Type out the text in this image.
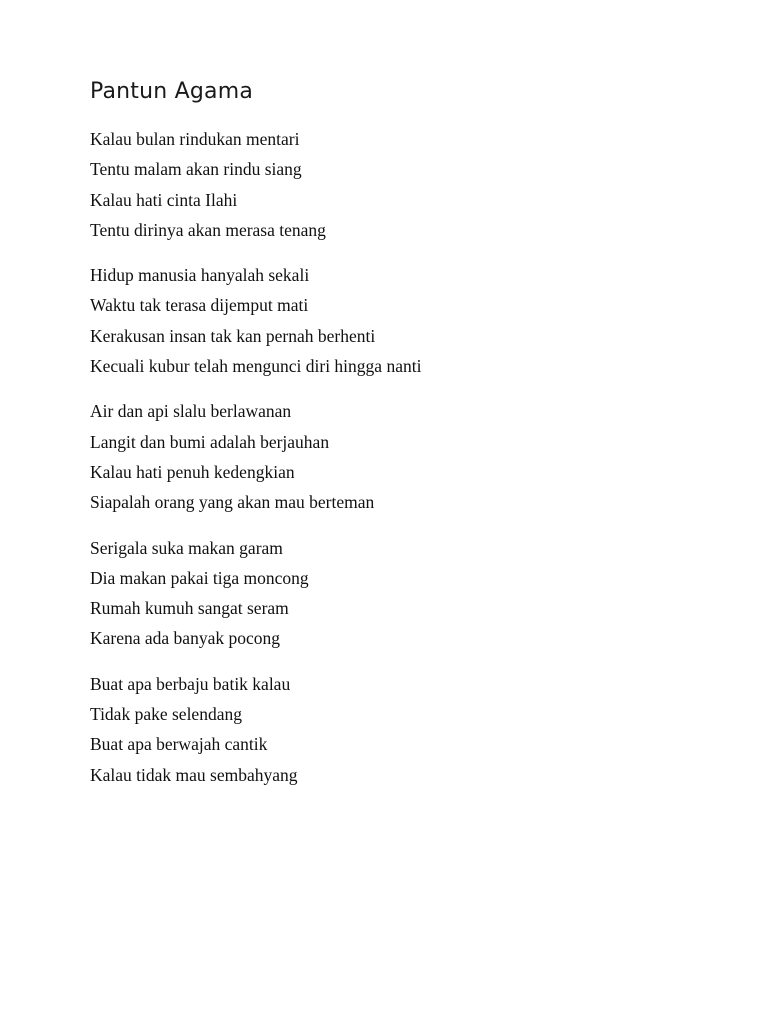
Pantun Agama
Kalau bulan rindukan mentari
Tentu malam akan rindu siang
Kalau hati cinta Ilahi
Tentu dirinya akan merasa tenang
Hidup manusia hanyalah sekali
Waktu tak terasa dijemput mati
Kerakusan insan tak kan pernah berhenti
Kecuali kubur telah mengunci diri hingga nanti
Air dan api slalu berlawanan
Langit dan bumi adalah berjauhan
Kalau hati penuh kedengkian
Siapalah orang yang akan mau berteman
Serigala suka makan garam
Dia makan pakai tiga moncong
Rumah kumuh sangat seram
Karena ada banyak pocong
Buat apa berbaju batik kalau
Tidak pake selendang
Buat apa berwajah cantik
Kalau tidak mau sembahyang
